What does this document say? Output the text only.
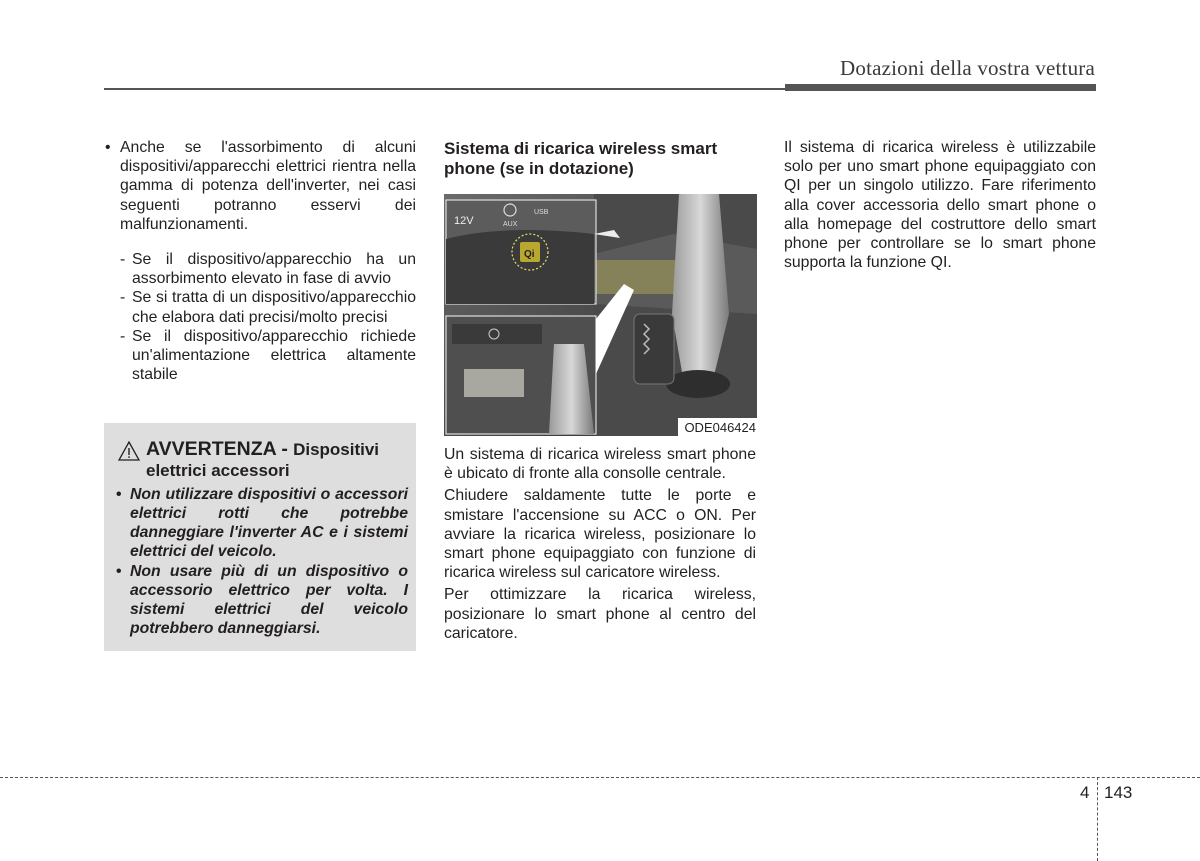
Dotazioni della vostra vettura
• Anche se l'assorbimento di alcuni dispositivi/apparecchi elettrici rientra nella gamma di potenza dell'inverter, nei casi seguenti potranno esservi dei malfunzionamenti.
- Se il dispositivo/apparecchio ha un assorbimento elevato in fase di avvio
- Se si tratta di un dispositivo/apparecchio che elabora dati precisi/molto precisi
- Se il dispositivo/apparecchio richiede un'alimentazione elettrica altamente stabile
AVVERTENZA - Dispositivi
elettrici accessori
• Non utilizzare dispositivi o accessori elettrici rotti che potrebbe danneggiare l'inverter AC e i sistemi elettrici del veicolo.
• Non usare più di un dispositivo o accessorio elettrico per volta. I sistemi elettrici del veicolo potrebbero danneggiarsi.
Sistema di ricarica wireless smart phone (se in dotazione)
12V	AUX
USB
Qi
ODE046424
Un sistema di ricarica wireless smart phone è ubicato di fronte alla consolle centrale.
Chiudere saldamente tutte le porte e smistare l'accensione su ACC o ON. Per avviare la ricarica wireless, posizionare lo smart phone equipaggiato con funzione di ricarica wireless sul caricatore wireless.
Per ottimizzare la ricarica wireless, posizionare lo smart phone al centro del caricatore.
Il sistema di ricarica wireless è utilizzabile solo per uno smart phone equipaggiato con QI per un singolo utilizzo. Fare riferimento alla cover accessoria dello smart phone o alla homepage del costruttore dello smart phone per controllare se lo smart phone supporta la funzione QI.
4 143
